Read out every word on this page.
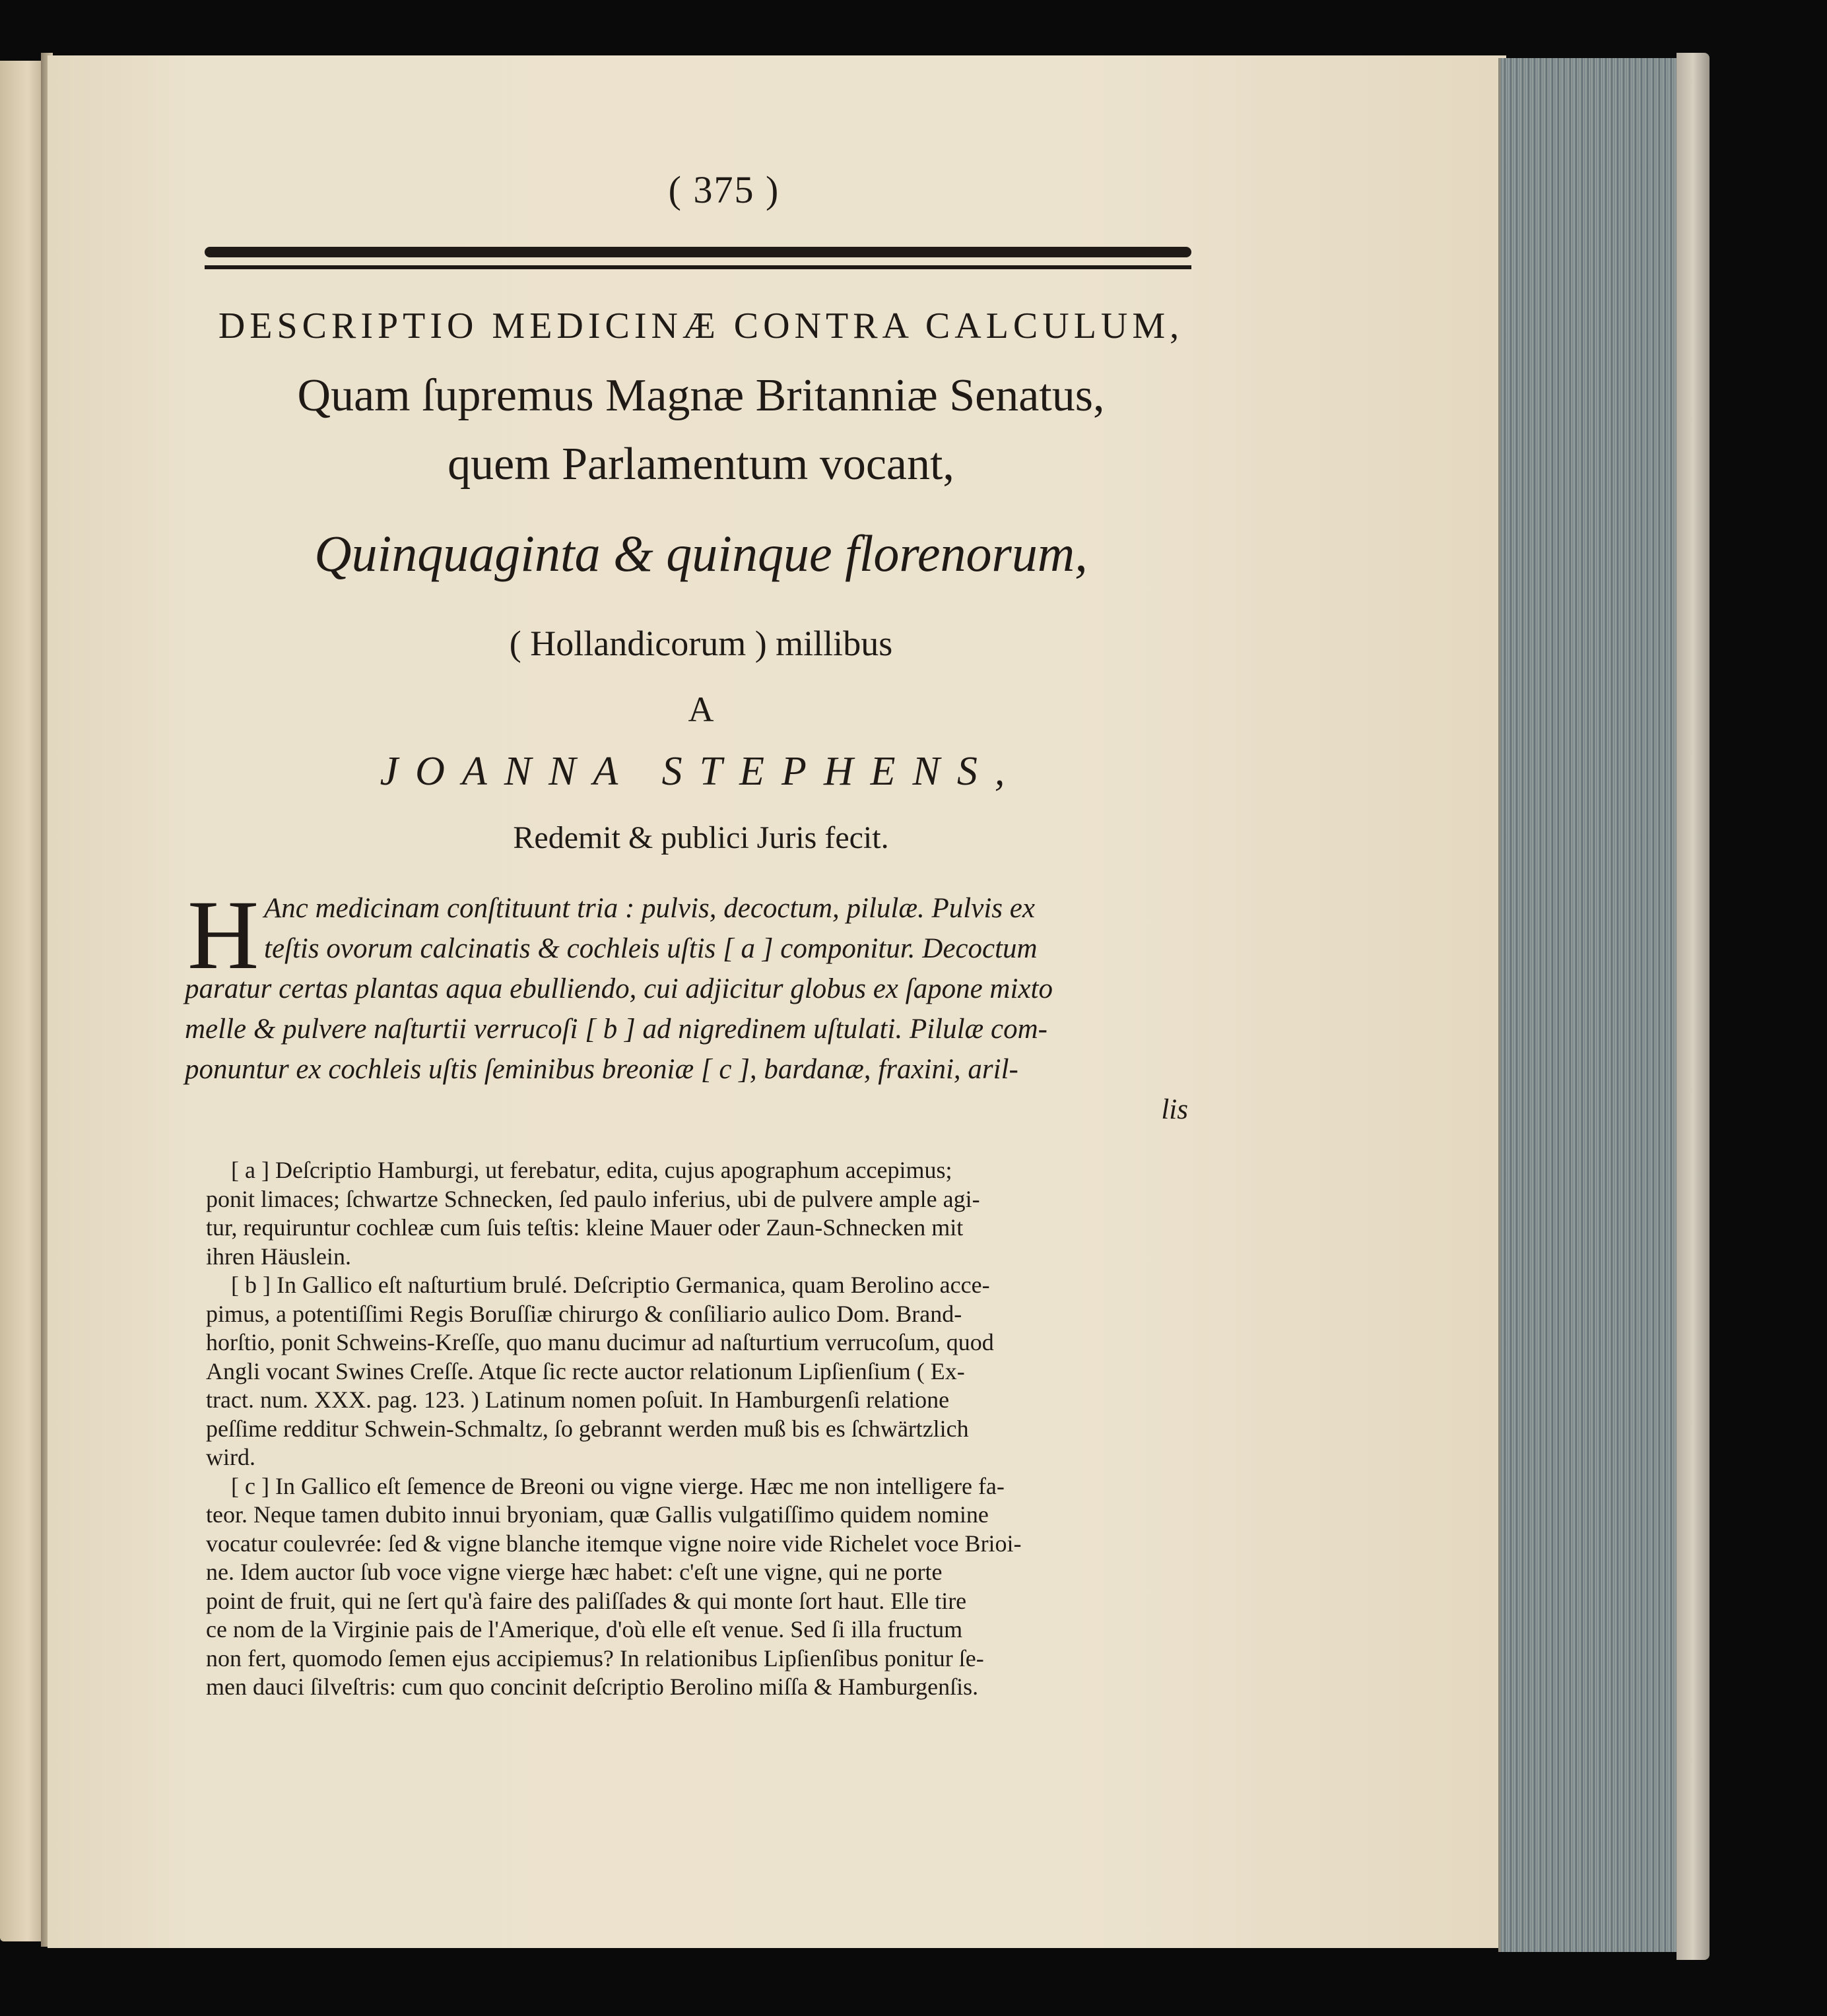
( 375 )
DESCRIPTIO MEDICINÆ CONTRA CALCULUM,
Quam ſupremus Magnæ Britanniæ Senatus,
quem Parlamentum vocant,
Quinquaginta & quinque florenorum,
( Hollandicorum ) millibus
A
JOANNA STEPHENS,
Redemit & publici Juris fecit.
H Anc medicinam conſtituunt tria : pulvis, decoctum, pilulæ. Pulvis ex
teſtis ovorum calcinatis & cochleis uſtis [ a ] componitur. Decoctum
paratur certas plantas aqua ebulliendo, cui adjicitur globus ex ſapone mixto
melle & pulvere naſturtii verrucoſi [ b ] ad nigredinem uſtulati. Pilulæ com-
ponuntur ex cochleis uſtis ſeminibus breoniæ [ c ], bardanæ, fraxini, aril-
lis
[ a ] Deſcriptio Hamburgi, ut ferebatur, edita, cujus apographum accepimus;
ponit limaces; ſchwartze Schnecken, ſed paulo inferius, ubi de pulvere ample agi-
tur, requiruntur cochleæ cum ſuis teſtis: kleine Mauer oder Zaun-Schnecken mit
ihren Häuslein.
[ b ] In Gallico eſt naſturtium brulé. Deſcriptio Germanica, quam Berolino acce-
pimus, a potentiſſimi Regis Boruſſiæ chirurgo & conſiliario aulico Dom. Brand-
horſtio, ponit Schweins-Kreſſe, quo manu ducimur ad naſturtium verrucoſum, quod
Angli vocant Swines Creſſe. Atque ſic recte auctor relationum Lipſienſium ( Ex-
tract. num. XXX. pag. 123. ) Latinum nomen poſuit. In Hamburgenſi relatione
peſſime redditur Schwein-Schmaltz, ſo gebrannt werden muß bis es ſchwärtzlich
wird.
[ c ] In Gallico eſt ſemence de Breoni ou vigne vierge. Hæc me non intelligere fa-
teor. Neque tamen dubito innui bryoniam, quæ Gallis vulgatiſſimo quidem nomine
vocatur coulevrée: ſed & vigne blanche itemque vigne noire vide Richelet voce Brioi-
ne. Idem auctor ſub voce vigne vierge hæc habet: c'eſt une vigne, qui ne porte
point de fruit, qui ne ſert qu'à faire des paliſſades & qui monte ſort haut. Elle tire
ce nom de la Virginie pais de l'Amerique, d'où elle eſt venue. Sed ſi illa fructum
non fert, quomodo ſemen ejus accipiemus? In relationibus Lipſienſibus ponitur ſe-
men dauci ſilveſtris: cum quo concinit deſcriptio Berolino miſſa & Hamburgenſis.
